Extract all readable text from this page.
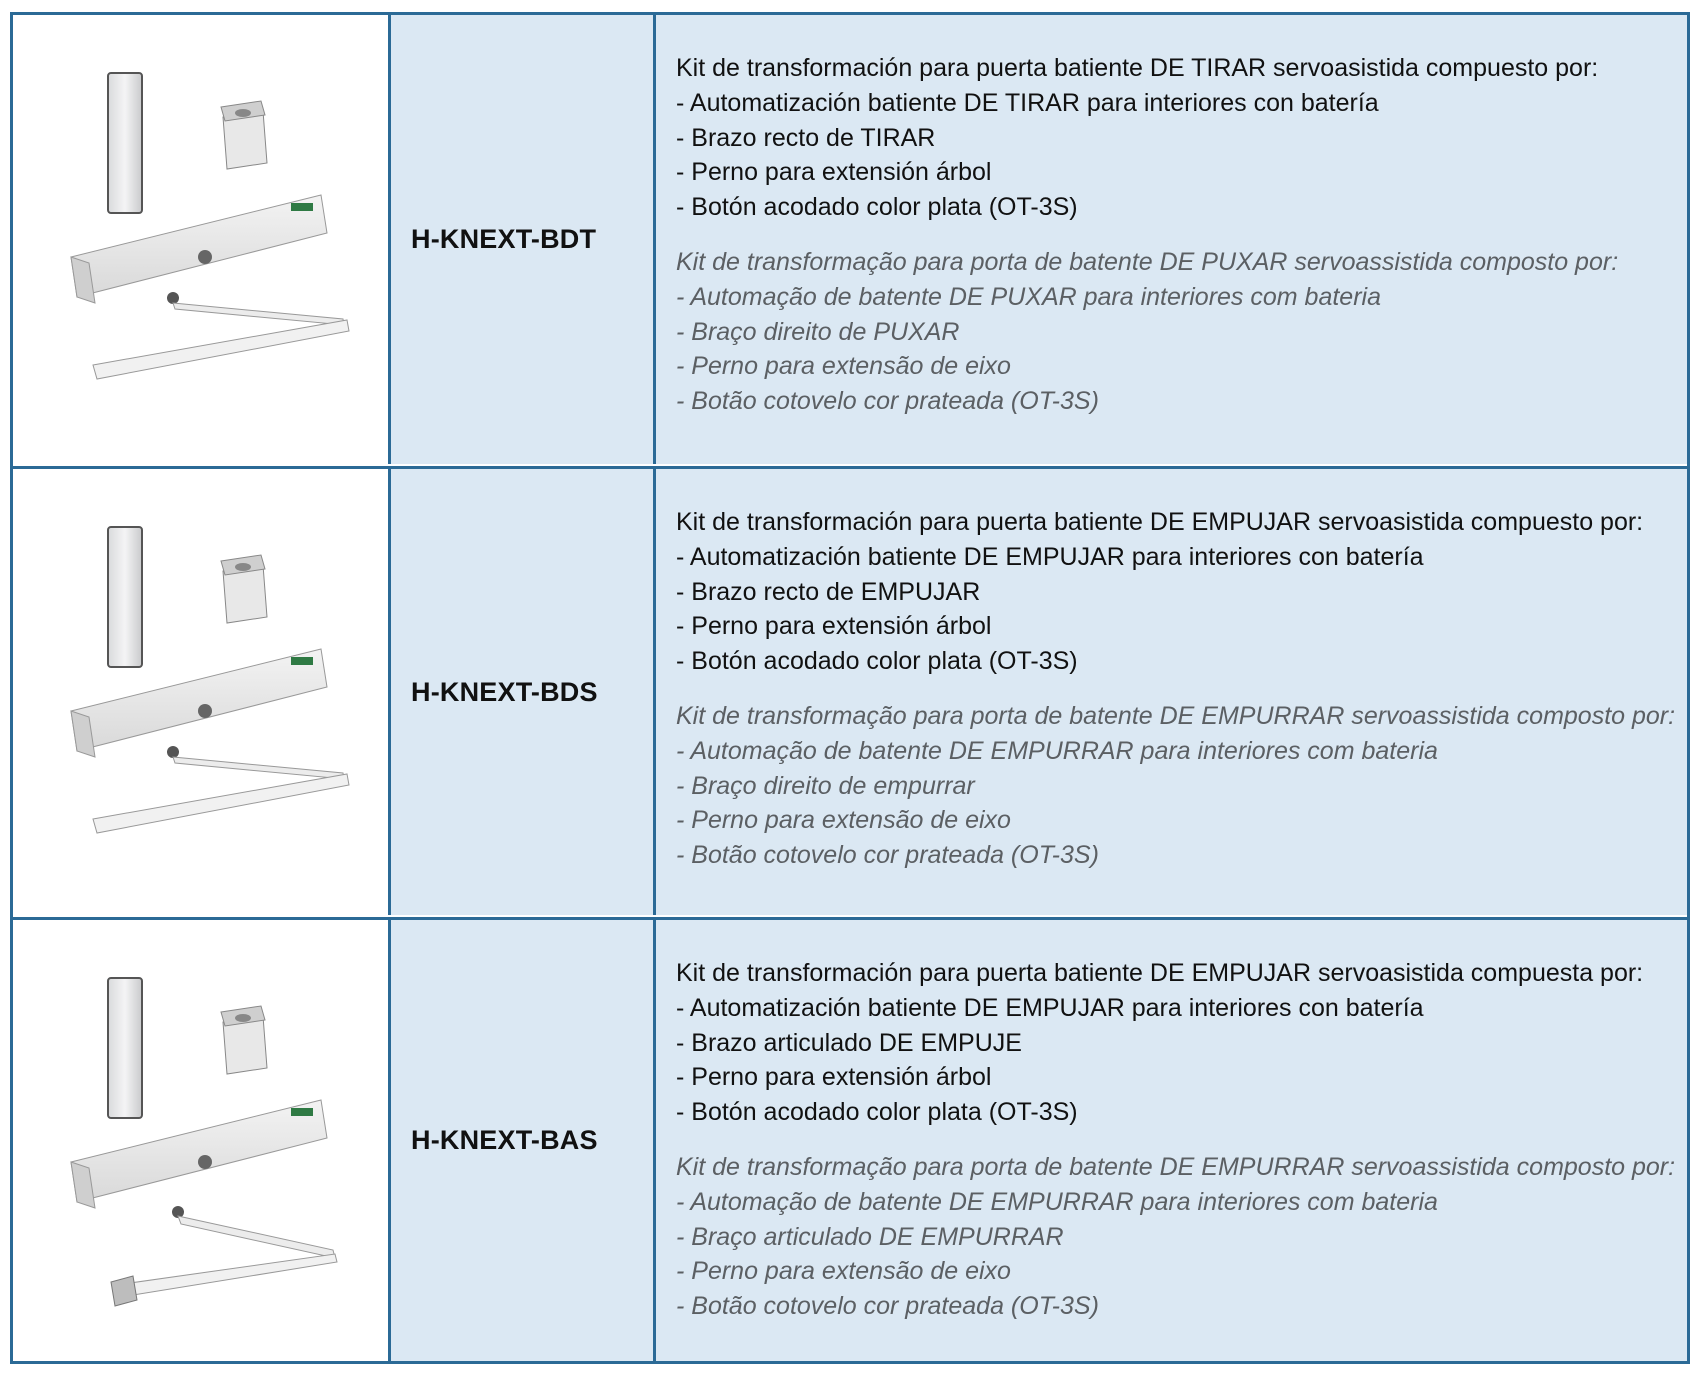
H-KNEXT-BDT
Kit de transformación para puerta batiente DE TIRAR servoasistida compuesto por:
- Automatización batiente DE TIRAR para interiores con batería
- Brazo recto de TIRAR
- Perno para extensión árbol
- Botón acodado color plata (OT-3S)
Kit de transformação para porta de batente DE PUXAR servoassistida composto por:
- Automação de batente DE PUXAR para interiores com bateria
- Braço direito de PUXAR
- Perno para extensão de eixo
- Botão cotovelo cor prateada (OT-3S)
H-KNEXT-BDS
Kit de transformación para puerta batiente DE EMPUJAR servoasistida compuesto por:
- Automatización batiente DE EMPUJAR para interiores con batería
- Brazo recto de EMPUJAR
- Perno para extensión árbol
- Botón acodado color plata (OT-3S)
Kit de transformação para porta de batente DE EMPURRAR servoassistida composto por:
- Automação de batente DE EMPURRAR para interiores com bateria
- Braço direito de empurrar
- Perno para extensão de eixo
- Botão cotovelo cor prateada (OT-3S)
H-KNEXT-BAS
Kit de transformación para puerta batiente DE EMPUJAR servoasistida compuesta por:
- Automatización batiente DE EMPUJAR para interiores con batería
- Brazo articulado DE EMPUJE
- Perno para extensión árbol
- Botón acodado color plata (OT-3S)
Kit de transformação para porta de batente DE EMPURRAR servoassistida composto por:
- Automação de batente DE EMPURRAR para interiores com bateria
- Braço articulado DE EMPURRAR
- Perno para extensão de eixo
- Botão cotovelo cor prateada (OT-3S)
